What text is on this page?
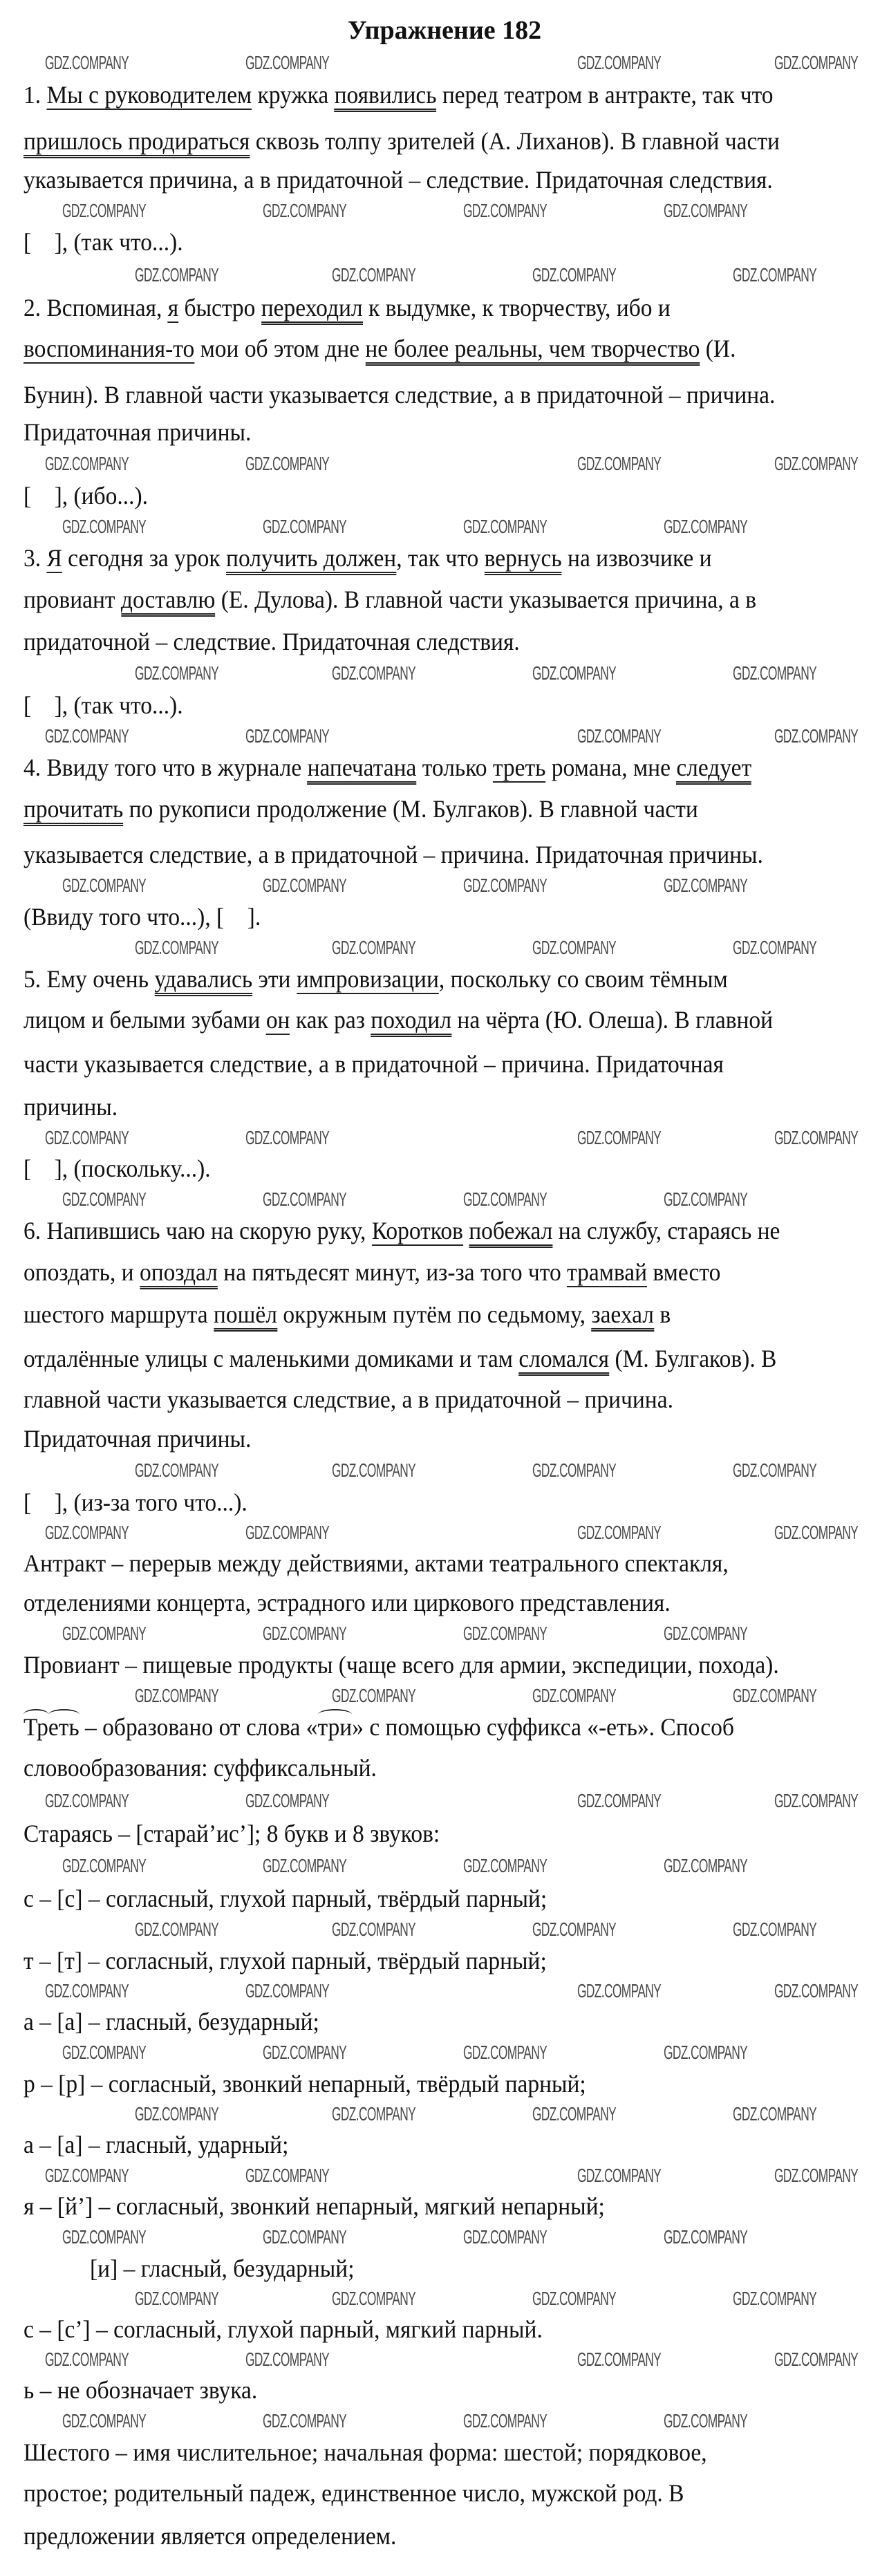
Упражнение 182
1. Мы с руководителем кружка появились перед театром в антракте, так что
пришлось продираться сквозь толпу зрителей (А. Лиханов). В главной части
указывается причина, а в придаточной – следствие. Придаточная следствия.
[    ], (так что...).
2. Вспоминая, я быстро переходил к выдумке, к творчеству, ибо и
воспоминания-то мои об этом дне не более реальны, чем творчество (И.
Бунин). В главной части указывается следствие, а в придаточной – причина.
Придаточная причины.
[    ], (ибо...).
3. Я сегодня за урок получить должен, так что вернусь на извозчике и
провиант доставлю (Е. Дулова). В главной части указывается причина, а в
придаточной – следствие. Придаточная следствия.
[    ], (так что...).
4. Ввиду того что в журнале напечатана только треть романа, мне следует
прочитать по рукописи продолжение (М. Булгаков). В главной части
указывается следствие, а в придаточной – причина. Придаточная причины.
(Ввиду того что...), [    ].
5. Ему очень удавались эти импровизации, поскольку со своим тёмным
лицом и белыми зубами он как раз походил на чёрта (Ю. Олеша). В главной
части указывается следствие, а в придаточной – причина. Придаточная
причины.
[    ], (поскольку...).
6. Напившись чаю на скорую руку, Коротков побежал на службу, стараясь не
опоздать, и опоздал на пятьдесят минут, из-за того что трамвай вместо
шестого маршрута пошёл окружным путём по седьмому, заехал в
отдалённые улицы с маленькими домиками и там сломался (М. Булгаков). В
главной части указывается следствие, а в придаточной – причина.
Придаточная причины.
[    ], (из-за того что...).
Антракт – перерыв между действиями, актами театрального спектакля,
отделениями концерта, эстрадного или циркового представления.
Провиант – пищевые продукты (чаще всего для армии, экспедиции, похода).
Треть – образовано от слова «три» с помощью суффикса «-еть». Способ
словообразования: суффиксальный.
Стараясь – [старай’ис’]; 8 букв и 8 звуков:
с – [с] – согласный, глухой парный, твёрдый парный;
т – [т] – согласный, глухой парный, твёрдый парный;
а – [а] – гласный, безударный;
р – [р] – согласный, звонкий непарный, твёрдый парный;
а – [а] – гласный, ударный;
я – [й’] – согласный, звонкий непарный, мягкий непарный;
[и] – гласный, безударный;
с – [с’] – согласный, глухой парный, мягкий парный.
ь – не обозначает звука.
Шестого – имя числительное; начальная форма: шестой; порядковое,
простое; родительный падеж, единственное число, мужской род. В
предложении является определением.
GDZ.COMPANY	GDZ.COMPANY	GDZ.COMPANY	GDZ.COMPANY
GDZ.COMPANY	GDZ.COMPANY	GDZ.COMPANY	GDZ.COMPANY
GDZ.COMPANY	GDZ.COMPANY	GDZ.COMPANY	GDZ.COMPANY
GDZ.COMPANY	GDZ.COMPANY	GDZ.COMPANY	GDZ.COMPANY
GDZ.COMPANY	GDZ.COMPANY	GDZ.COMPANY	GDZ.COMPANY
GDZ.COMPANY	GDZ.COMPANY	GDZ.COMPANY	GDZ.COMPANY
GDZ.COMPANY	GDZ.COMPANY	GDZ.COMPANY	GDZ.COMPANY
GDZ.COMPANY	GDZ.COMPANY	GDZ.COMPANY	GDZ.COMPANY
GDZ.COMPANY	GDZ.COMPANY	GDZ.COMPANY	GDZ.COMPANY
GDZ.COMPANY	GDZ.COMPANY	GDZ.COMPANY	GDZ.COMPANY
GDZ.COMPANY	GDZ.COMPANY	GDZ.COMPANY	GDZ.COMPANY
GDZ.COMPANY	GDZ.COMPANY	GDZ.COMPANY	GDZ.COMPANY
GDZ.COMPANY	GDZ.COMPANY	GDZ.COMPANY	GDZ.COMPANY
GDZ.COMPANY	GDZ.COMPANY	GDZ.COMPANY	GDZ.COMPANY
GDZ.COMPANY	GDZ.COMPANY	GDZ.COMPANY	GDZ.COMPANY
GDZ.COMPANY	GDZ.COMPANY	GDZ.COMPANY	GDZ.COMPANY
GDZ.COMPANY	GDZ.COMPANY	GDZ.COMPANY	GDZ.COMPANY
GDZ.COMPANY	GDZ.COMPANY	GDZ.COMPANY	GDZ.COMPANY
GDZ.COMPANY	GDZ.COMPANY	GDZ.COMPANY	GDZ.COMPANY
GDZ.COMPANY	GDZ.COMPANY	GDZ.COMPANY	GDZ.COMPANY
GDZ.COMPANY	GDZ.COMPANY	GDZ.COMPANY	GDZ.COMPANY
GDZ.COMPANY	GDZ.COMPANY	GDZ.COMPANY	GDZ.COMPANY
GDZ.COMPANY	GDZ.COMPANY	GDZ.COMPANY	GDZ.COMPANY
GDZ.COMPANY	GDZ.COMPANY	GDZ.COMPANY	GDZ.COMPANY
GDZ.COMPANY	GDZ.COMPANY	GDZ.COMPANY	GDZ.COMPANY
GDZ.COMPANY	GDZ.COMPANY	GDZ.COMPANY	GDZ.COMPANY
